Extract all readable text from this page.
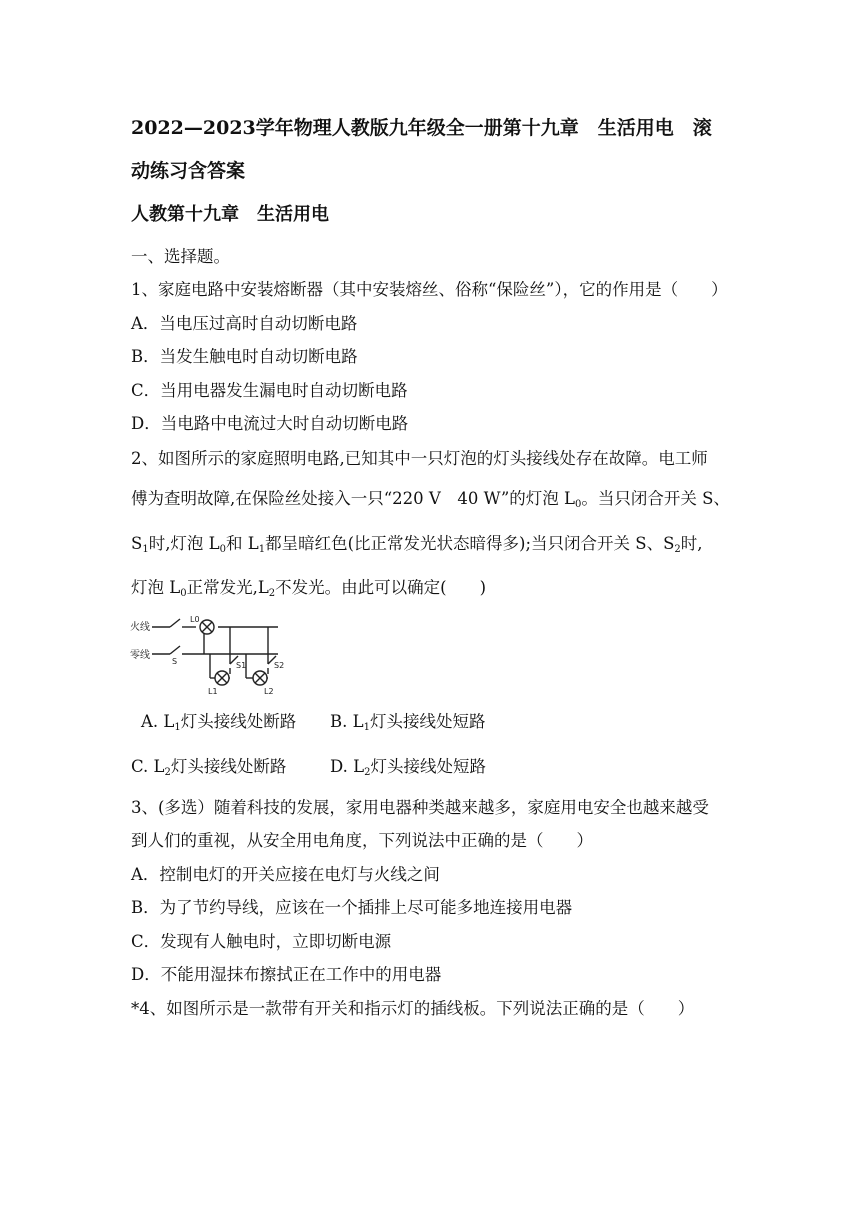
2022—2023学年物理人教版九年级全一册第十九章　生活用电　滚
动练习含答案
人教第十九章　生活用电
一、选择题。
1、家庭电路中安装熔断器（其中安装熔丝、俗称“保险丝”），它的作用是（　　）
A．当电压过高时自动切断电路
B．当发生触电时自动切断电路
C．当用电器发生漏电时自动切断电路
D．当电路中电流过大时自动切断电路
2、如图所示的家庭照明电路,已知其中一只灯泡的灯头接线处存在故障。电工师
傅为查明故障,在保险丝处接入一只“220 V　40 W”的灯泡 $L_0$。当只闭合开关 S、
$S_1$时,灯泡 $L_0$和 $L_1$都呈暗红色(比正常发光状态暗得多);当只闭合开关 S、$S_2$时,
灯泡 $L_0$正常发光$,L_2$不发光。由此可以确定(　　)
火线
零线
L0
S	S1	S2
L1	L2
A. $L_1$灯头接线处断路 B. $L_1$灯头接线处短路
C. $L_2$灯头接线处断路	D. $L_2$灯头接线处短路
3、(多选）随着科技的发展，家用电器种类越来越多，家庭用电安全也越来越受
到人们的重视，从安全用电角度，下列说法中正确的是（　　）
A．控制电灯的开关应接在电灯与火线之间
B．为了节约导线，应该在一个插排上尽可能多地连接用电器
C．发现有人触电时，立即切断电源
D．不能用湿抹布擦拭正在工作中的用电器
*4、如图所示是一款带有开关和指示灯的插线板。下列说法正确的是（　　）
